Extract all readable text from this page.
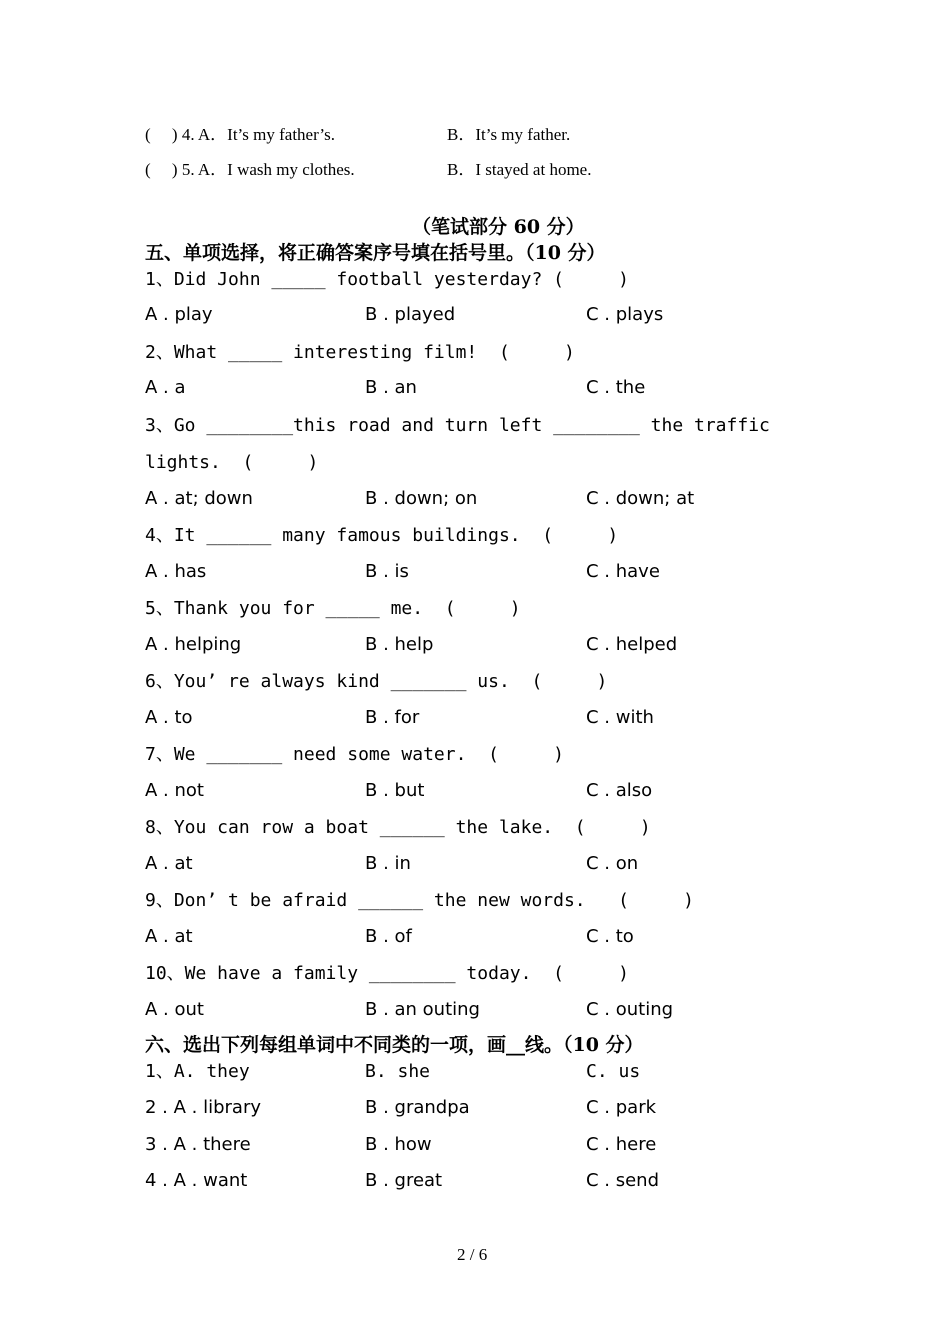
(     ) 4. A．It’s my father’s.	B．It’s my father.
(     ) 5. A．I wash my clothes.	B．I stayed at home.
（笔试部分 60 分）
五、单项选择，将正确答案序号填在括号里。（10 分）
1、Did John _____ football yesterday? (     )
A . play	B . played	C . plays
2、What _____ interesting film!  (     )
A . a	B . an	C . the
3、Go ________this road and turn left ________ the traffic
lights.  (     )
A . at; down	B . down; on	C . down; at
4、It ______ many famous buildings.  (     )
A . has	B . is	C . have
5、Thank you for _____ me.  (     )
A . helping	B . help	C . helped
6、You’ re always kind _______ us.  (     )
A . to	B . for	C . with
7、We _______ need some water.  (     )
A . not	B . but	C . also
8、You can row a boat ______ the lake.  (     )
A . at	B . in	C . on
9、Don’ t be afraid ______ the new words.   (     )
A . at	B . of	C . to
10、We have a family ________ today.  (     )
A . out	B . an outing	C . outing
六、选出下列每组单词中不同类的一项，画__线。（10 分）
1、A. they	B. she	C. us
2 . A . library	B . grandpa	C . park
3 . A . there	B . how	C . here
4 . A . want	B . great	C . send
2 / 6
